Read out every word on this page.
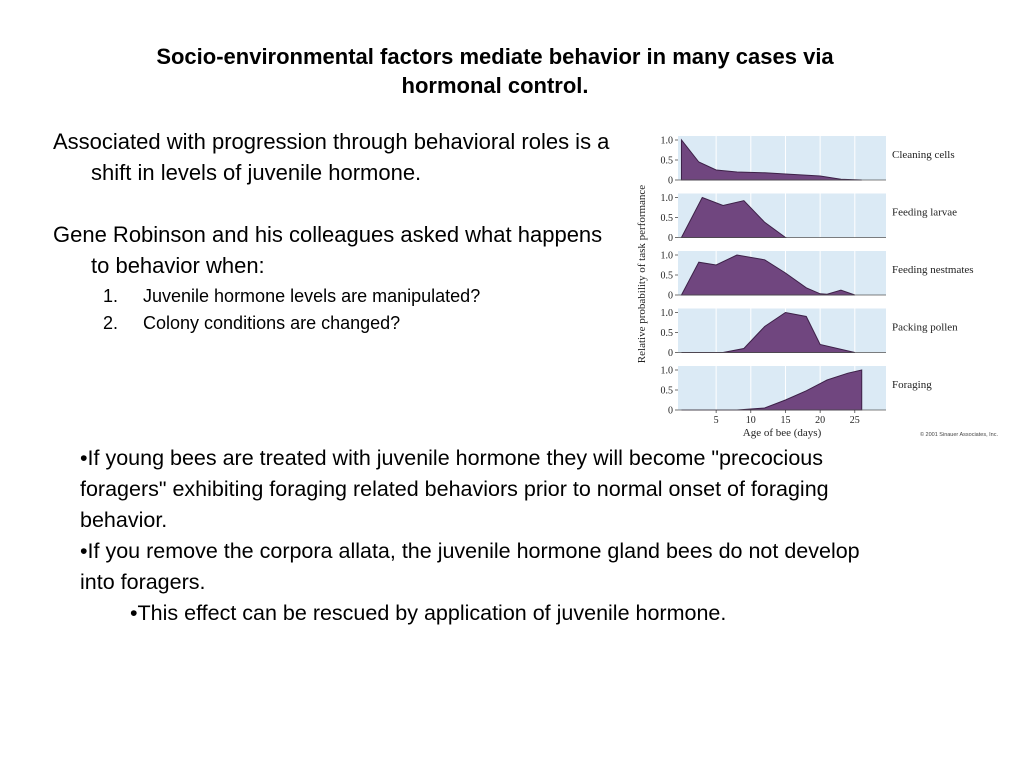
Socio-environmental factors mediate behavior in many cases via
hormonal control.

Associated with progression through behavioral roles is a shift in levels of juvenile hormone.

Gene Robinson and his colleagues asked what happens to behavior when:

1.	Juvenile hormone levels are manipulated?
2.	Colony conditions are changed?	Relative probability of task performance
0
0.5
1.0
Cleaning cells
0
0.5
1.0
Feeding larvae
0
0.5
1.0
Feeding nestmates
0
0.5
1.0
Packing pollen
0
0.5
1.0
Foraging
5	10 15 20 25
Age of bee (days)	© 2001 Sinauer Associates, Inc.

•If young bees are treated with juvenile hormone they will become "precocious foragers" exhibiting foraging related behaviors prior to normal onset of foraging behavior.

•If you remove the corpora allata, the juvenile hormone gland bees do not develop into foragers.

•This effect can be rescued by application of juvenile hormone.
